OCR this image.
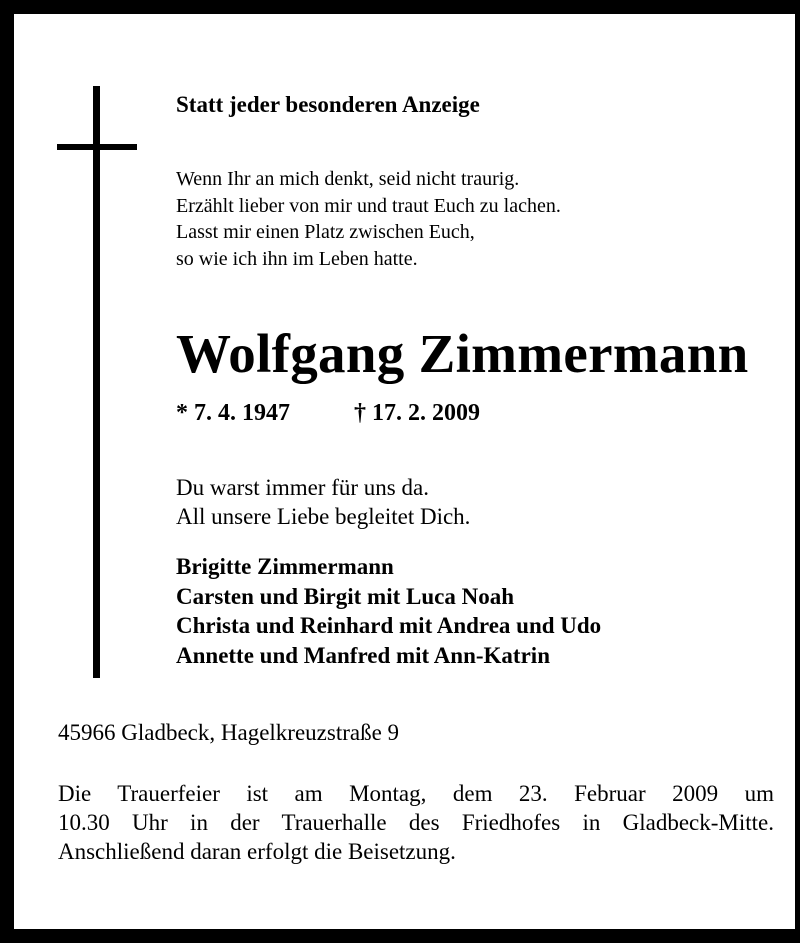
Statt jeder besonderen Anzeige
Wenn Ihr an mich denkt, seid nicht traurig.
Erzählt lieber von mir und traut Euch zu lachen.
Lasst mir einen Platz zwischen Euch,
so wie ich ihn im Leben hatte.
Wolfgang Zimmermann
* 7. 4. 1947	† 17. 2. 2009
Du warst immer für uns da.
All unsere Liebe begleitet Dich.
Brigitte Zimmermann
Carsten und Birgit mit Luca Noah
Christa und Reinhard mit Andrea und Udo
Annette und Manfred mit Ann-Katrin
45966 Gladbeck, Hagelkreuzstraße 9
Die Trauerfeier ist am Montag, dem 23. Februar 2009 um
10.30 Uhr in der Trauerhalle des Friedhofes in Gladbeck-Mitte.
Anschließend daran erfolgt die Beisetzung.
